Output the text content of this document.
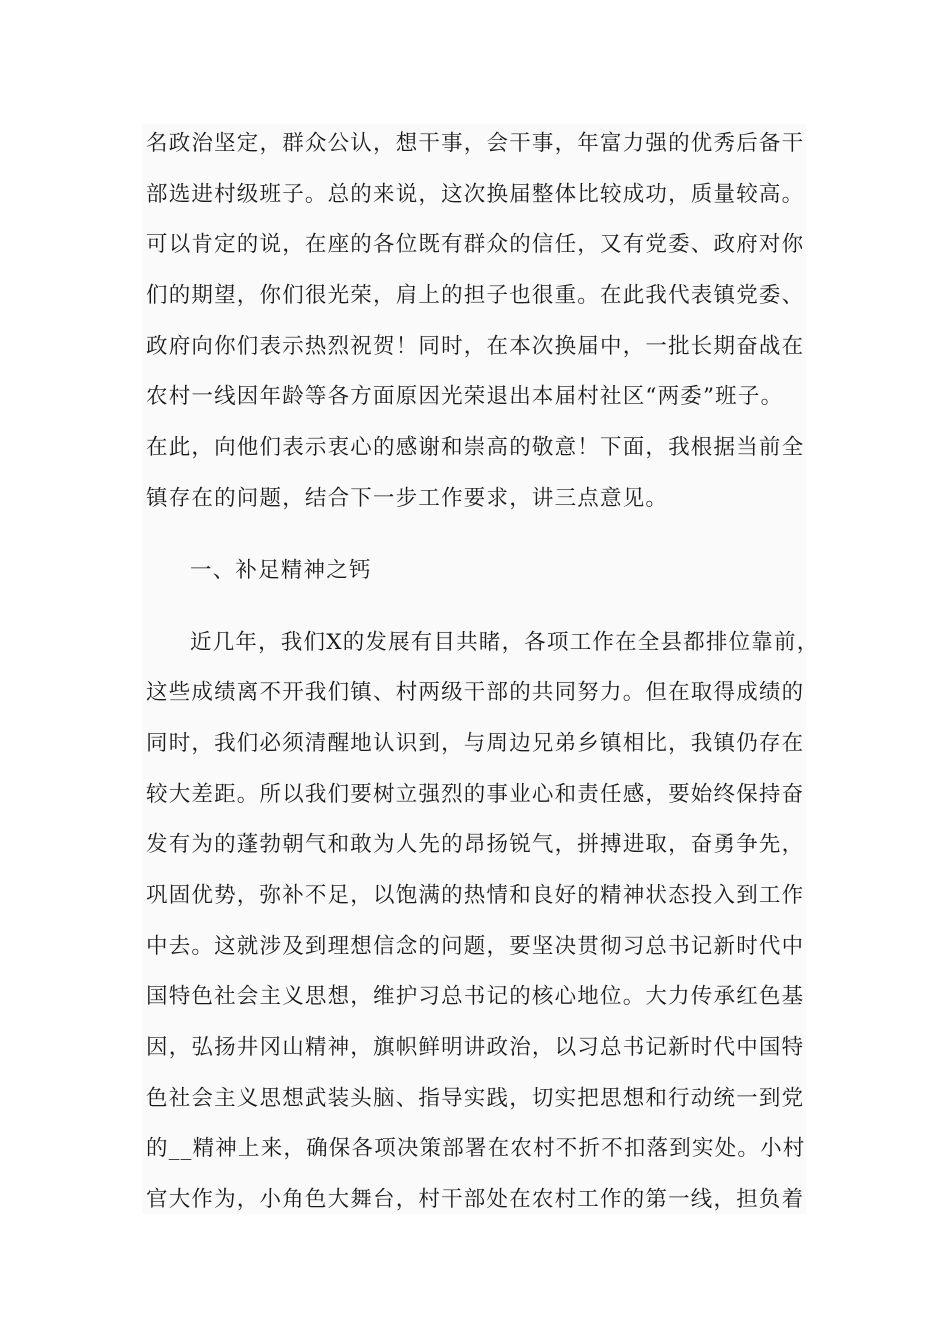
名政治坚定，群众公认，想干事，会干事，年富力强的优秀后备干
部选进村级班子。总的来说，这次换届整体比较成功，质量较高。
可以肯定的说，在座的各位既有群众的信任，又有党委、政府对你
们的期望，你们很光荣，肩上的担子也很重。在此我代表镇党委、
政府向你们表示热烈祝贺！同时，在本次换届中，一批长期奋战在
农村一线因年龄等各方面原因光荣退出本届村社区“两委”班子。
在此，向他们表示衷心的感谢和崇高的敬意！下面，我根据当前全
镇存在的问题，结合下一步工作要求，讲三点意见。
一、补足精神之钙
近几年，我们X的发展有目共睹，各项工作在全县都排位靠前，
这些成绩离不开我们镇、村两级干部的共同努力。但在取得成绩的
同时，我们必须清醒地认识到，与周边兄弟乡镇相比，我镇仍存在
较大差距。所以我们要树立强烈的事业心和责任感，要始终保持奋
发有为的蓬勃朝气和敢为人先的昂扬锐气，拼搏进取，奋勇争先，
巩固优势，弥补不足，以饱满的热情和良好的精神状态投入到工作
中去。这就涉及到理想信念的问题，要坚决贯彻习总书记新时代中
国特色社会主义思想，维护习总书记的核心地位。大力传承红色基
因，弘扬井冈山精神，旗帜鲜明讲政治，以习总书记新时代中国特
色社会主义思想武装头脑、指导实践，切实把思想和行动统一到党
的__精神上来，确保各项决策部署在农村不折不扣落到实处。小村
官大作为，小角色大舞台，村干部处在农村工作的第一线，担负着
